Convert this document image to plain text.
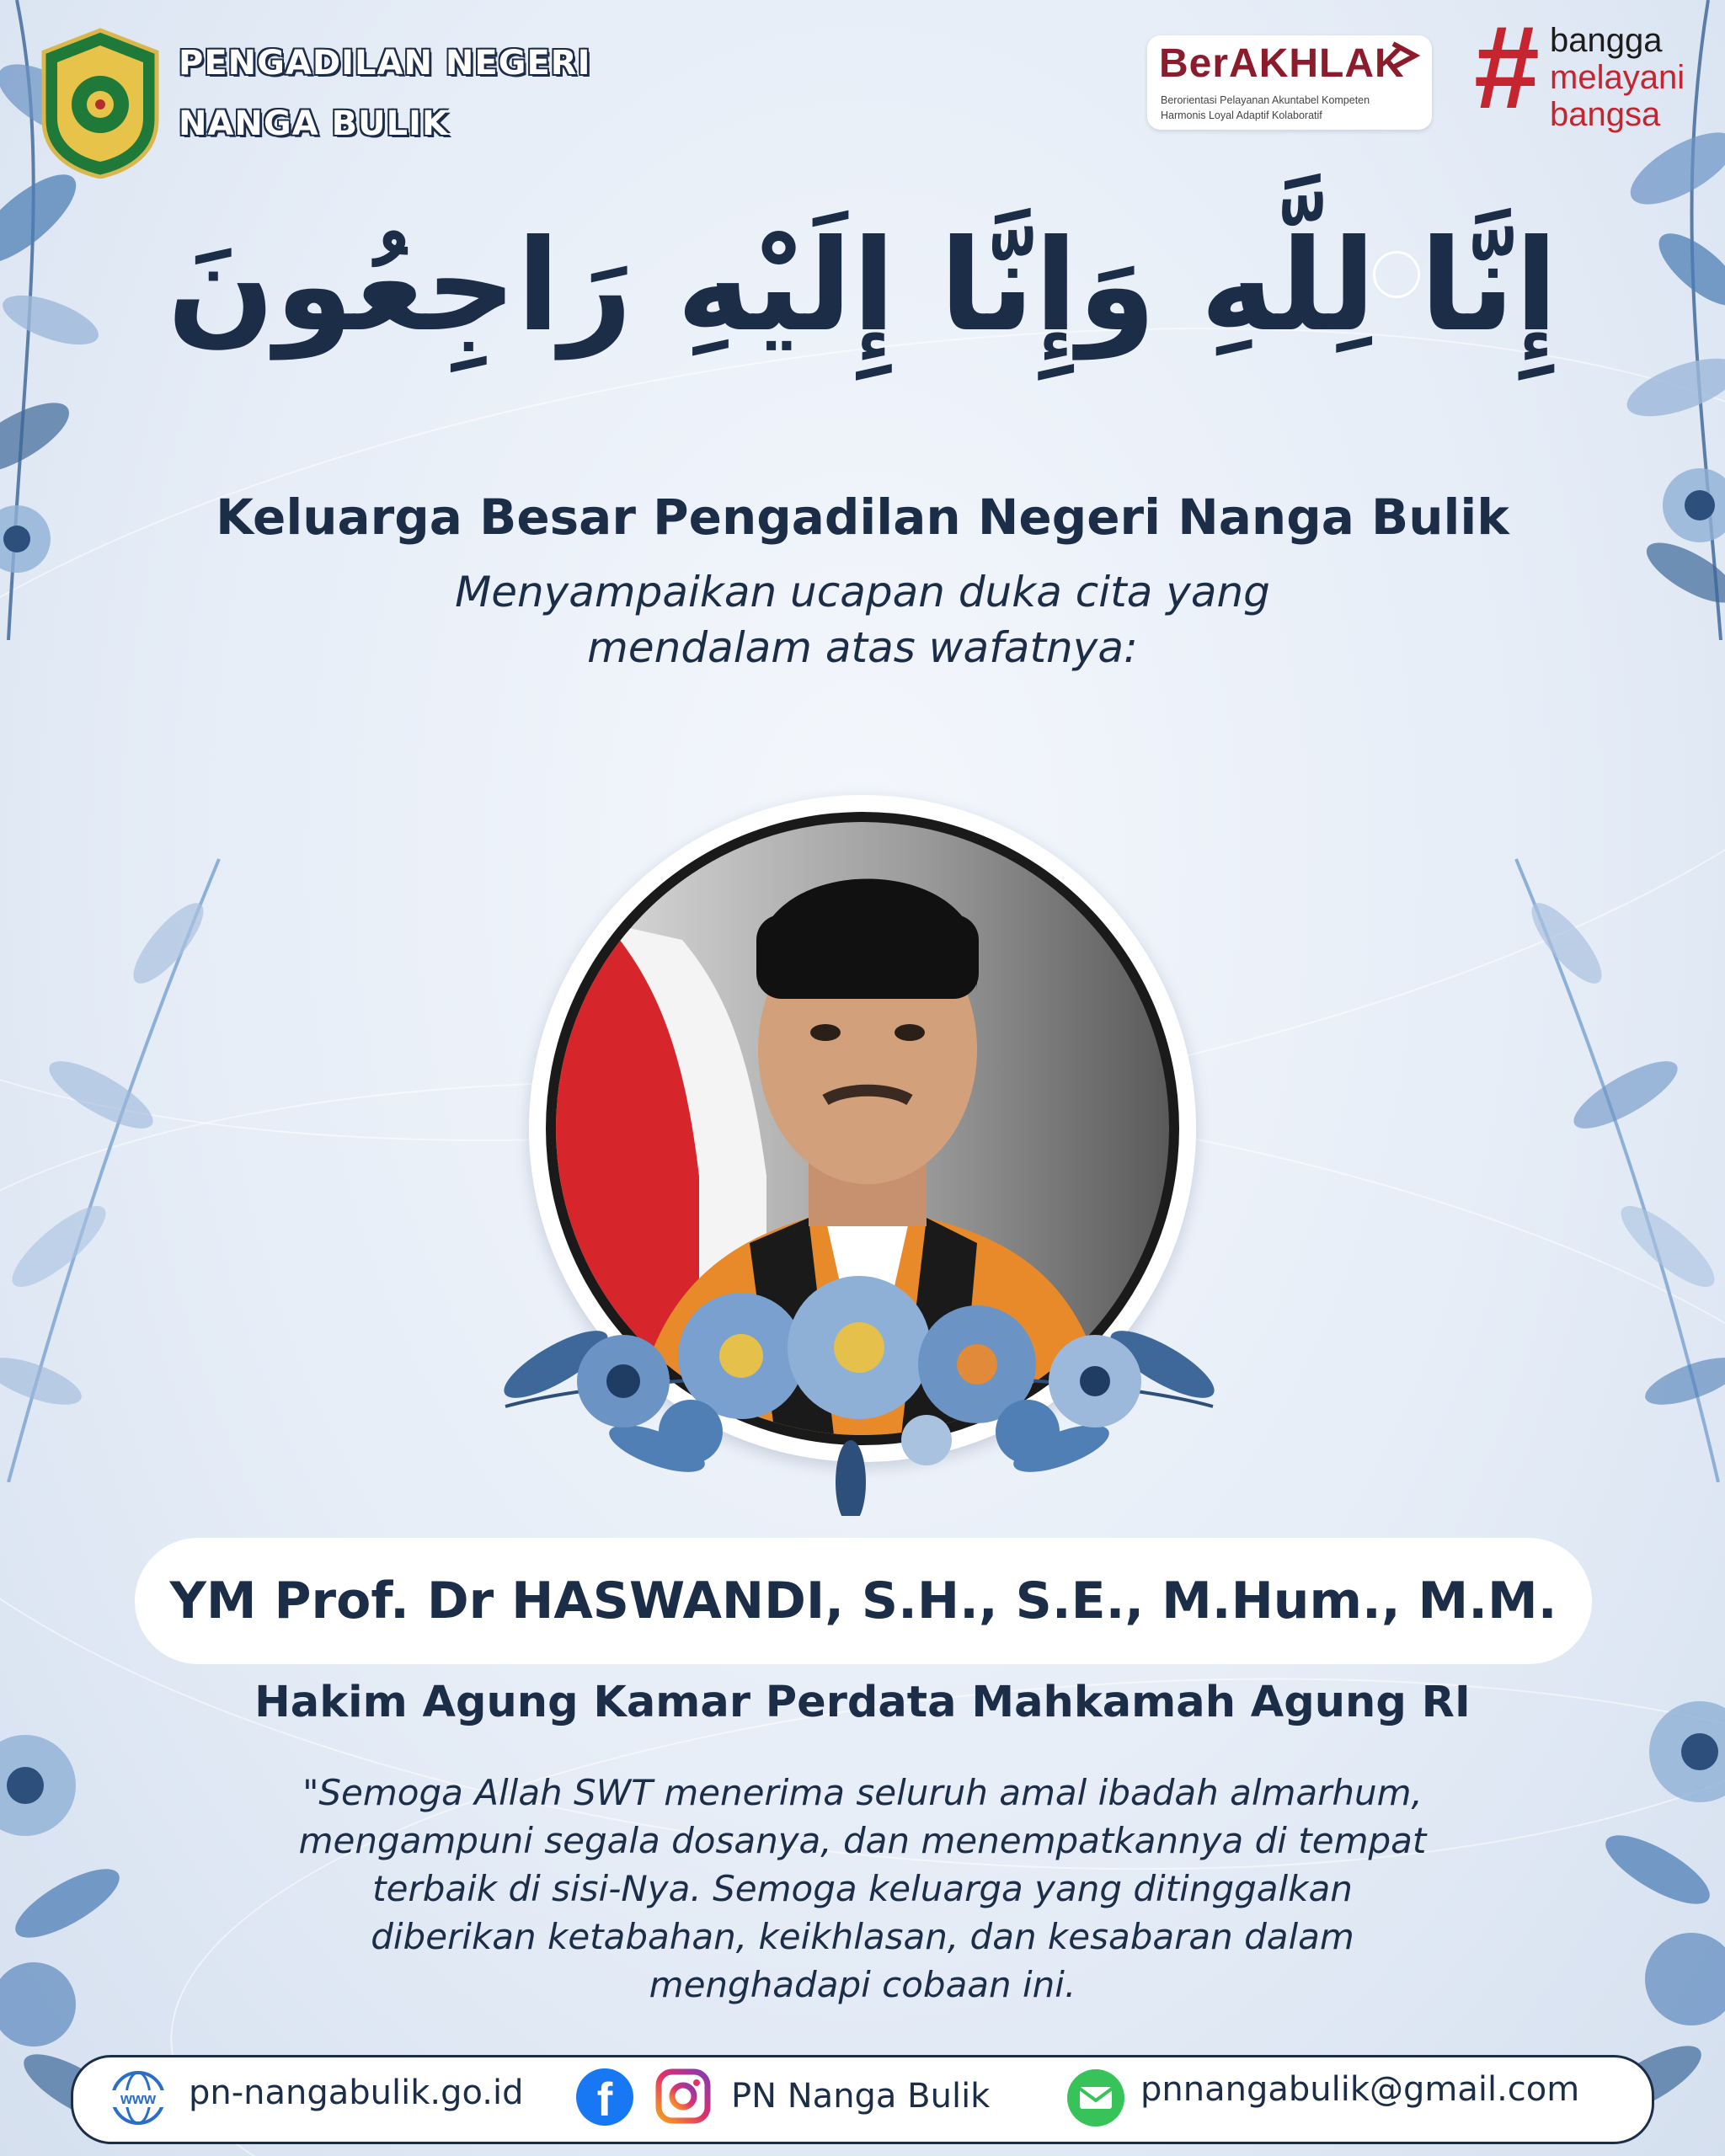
PENGADILAN NEGERI
NANGA BULIK
BerAKHLAK
Berorientasi Pelayanan Akuntabel Kompeten
Harmonis Loyal Adaptif Kolaboratif # bangga
melayani
bangsa
إِنَّا لِلَّهِ وَإِنَّا إِلَيْهِ رَاجِعُونَ
Keluarga Besar Pengadilan Negeri Nanga Bulik
Menyampaikan ucapan duka cita yang
mendalam atas wafatnya:
YM Prof. Dr HASWANDI, S.H., S.E., M.Hum., M.M.
Hakim Agung Kamar Perdata Mahkamah Agung RI
"Semoga Allah SWT menerima seluruh amal ibadah almarhum,
mengampuni segala dosanya, dan menempatkannya di tempat
terbaik di sisi-Nya. Semoga keluarga yang ditinggalkan
diberikan ketabahan, keikhlasan, dan kesabaran dalam
menghadapi cobaan ini.
www pn-nangabulik.go.id	f	PN Nanga Bulik	pnnangabulik@gmail.com
